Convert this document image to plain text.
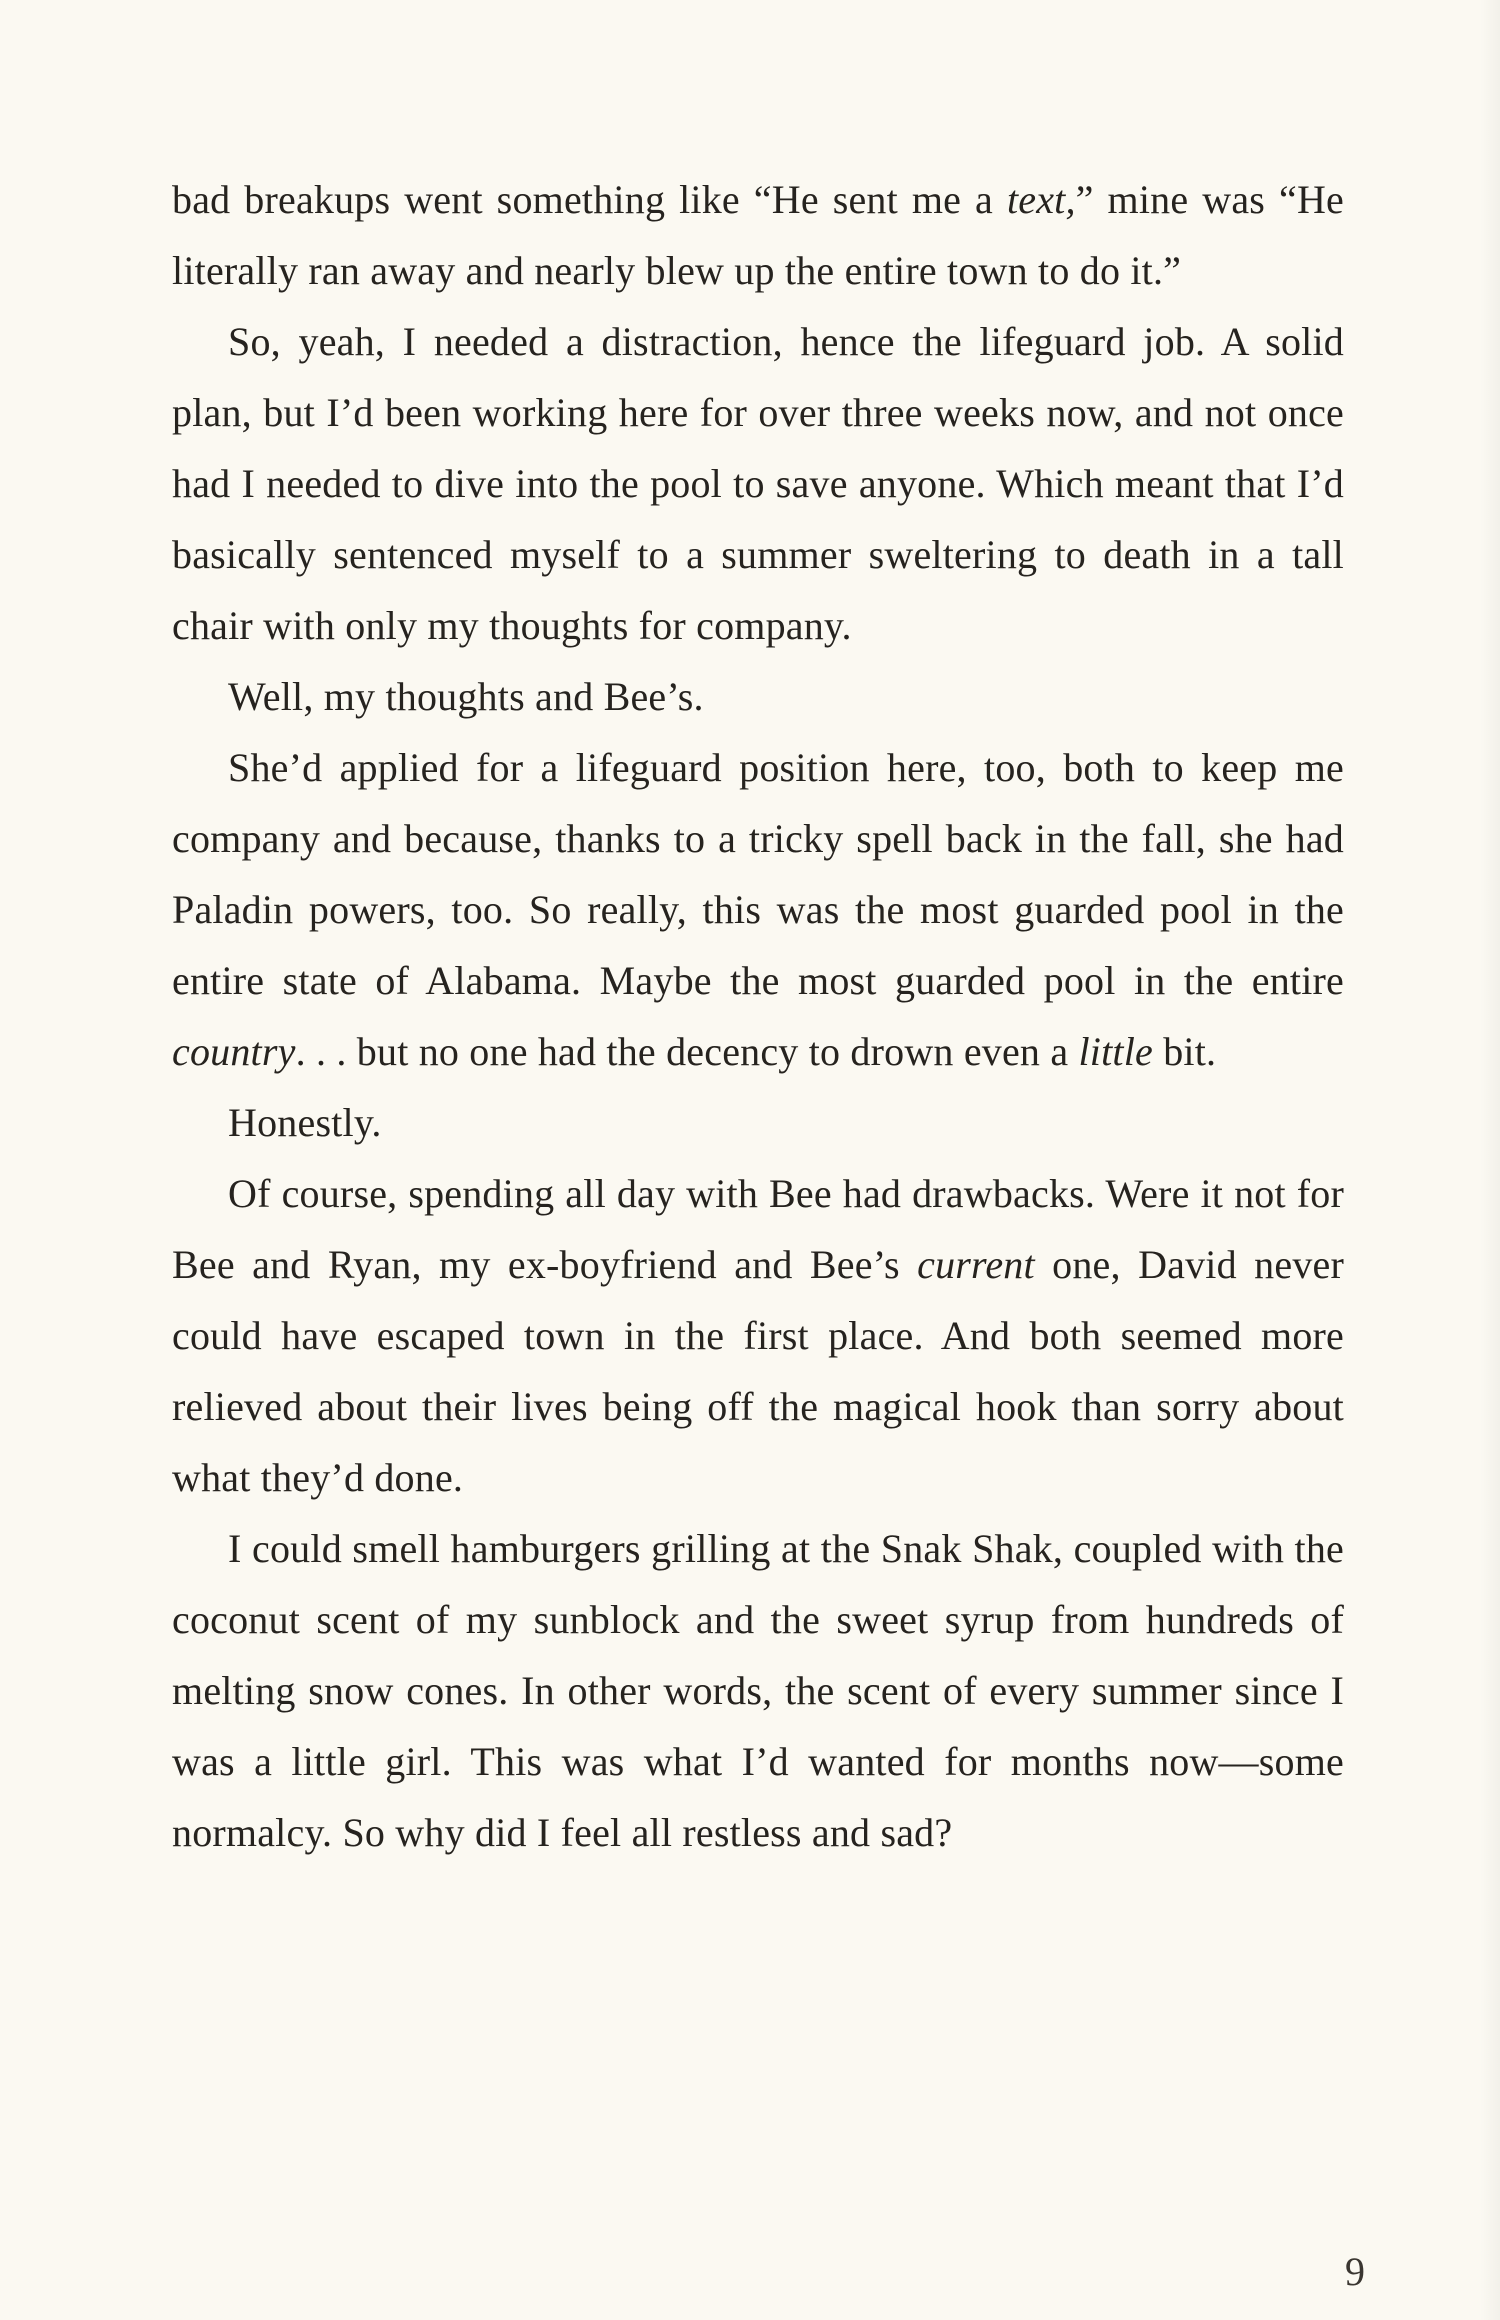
bad breakups went something like “He sent me a text,” mine was “He literally ran away and nearly blew up the entire town to do it.”

So, yeah, I needed a distraction, hence the lifeguard job. A solid plan, but I’d been working here for over three weeks now, and not once had I needed to dive into the pool to save anyone. Which meant that I’d basically sentenced myself to a summer sweltering to death in a tall chair with only my thoughts for company.

Well, my thoughts and Bee’s.

She’d applied for a lifeguard position here, too, both to keep me company and because, thanks to a tricky spell back in the fall, she had Paladin powers, too. So really, this was the most guarded pool in the entire state of Alabama. Maybe the most guarded pool in the entire country. . . but no one had the decency to drown even a little bit.

Honestly.

Of course, spending all day with Bee had drawbacks. Were it not for Bee and Ryan, my ex-boyfriend and Bee’s current one, David never could have escaped town in the first place. And both seemed more relieved about their lives being off the magical hook than sorry about what they’d done.

I could smell hamburgers grilling at the Snak Shak, coupled with the coconut scent of my sunblock and the sweet syrup from hundreds of melting snow cones. In other words, the scent of every summer since I was a little girl. This was what I’d wanted for months now—some normalcy. So why did I feel all restless and sad?

9
